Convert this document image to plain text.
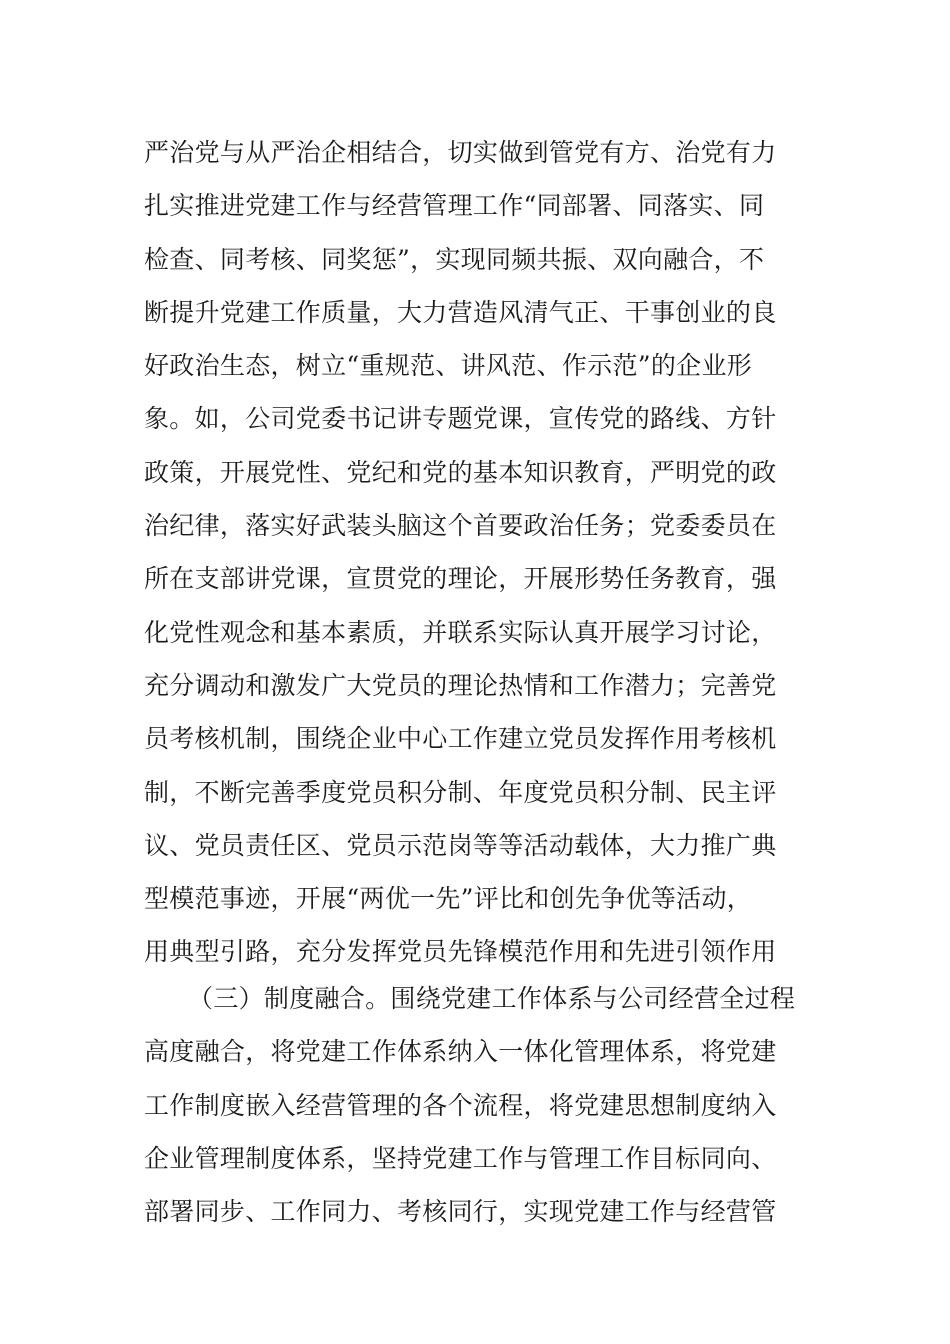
严治党与从严治企相结合，切实做到管党有方、治党有力
扎实推进党建工作与经营管理工作“同部署、同落实、同
检查、同考核、同奖惩”，实现同频共振、双向融合，不
断提升党建工作质量，大力营造风清气正、干事创业的良
好政治生态，树立“重规范、讲风范、作示范”的企业形
象。如，公司党委书记讲专题党课，宣传党的路线、方针
政策，开展党性、党纪和党的基本知识教育，严明党的政
治纪律，落实好武装头脑这个首要政治任务；党委委员在
所在支部讲党课，宣贯党的理论，开展形势任务教育，强
化党性观念和基本素质，并联系实际认真开展学习讨论，
充分调动和激发广大党员的理论热情和工作潜力；完善党
员考核机制，围绕企业中心工作建立党员发挥作用考核机
制，不断完善季度党员积分制、年度党员积分制、民主评
议、党员责任区、党员示范岗等等活动载体，大力推广典
型模范事迹，开展“两优一先”评比和创先争优等活动，
用典型引路，充分发挥党员先锋模范作用和先进引领作用
（三）制度融合。围绕党建工作体系与公司经营全过程
高度融合，将党建工作体系纳入一体化管理体系，将党建
工作制度嵌入经营管理的各个流程，将党建思想制度纳入
企业管理制度体系，坚持党建工作与管理工作目标同向、
部署同步、工作同力、考核同行，实现党建工作与经营管
